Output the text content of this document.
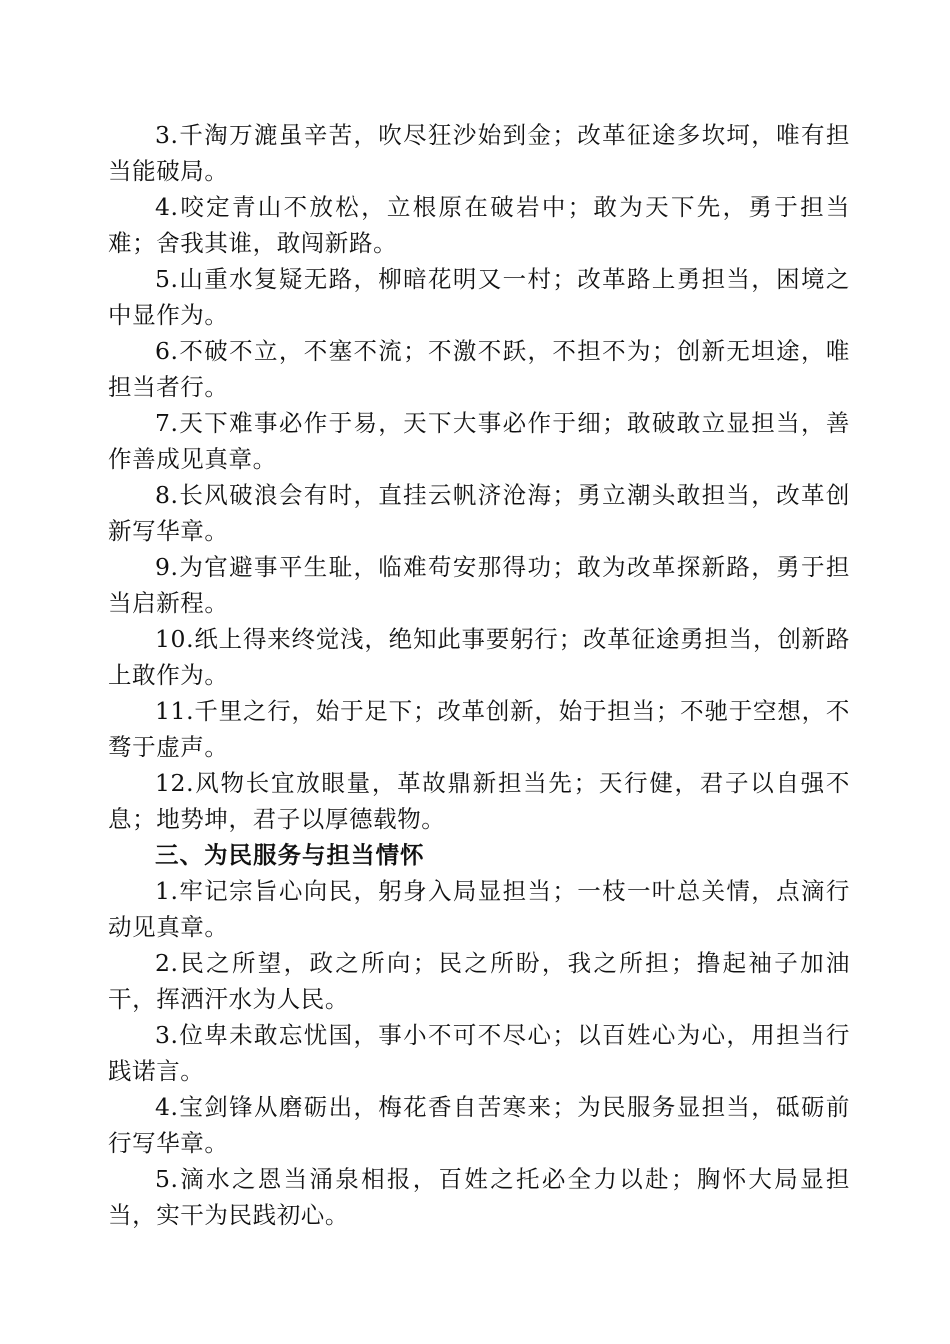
3.千淘万漉虽辛苦，吹尽狂沙始到金；改革征途多坎坷，唯有担当能破局。

4.咬定青山不放松，立根原在破岩中；敢为天下先，勇于担当难；舍我其谁，敢闯新路。

5.山重水复疑无路，柳暗花明又一村；改革路上勇担当，困境之中显作为。

6.不破不立，不塞不流；不激不跃，不担不为；创新无坦途，唯担当者行。

7.天下难事必作于易，天下大事必作于细；敢破敢立显担当，善作善成见真章。

8.长风破浪会有时，直挂云帆济沧海；勇立潮头敢担当，改革创新写华章。

9.为官避事平生耻，临难苟安那得功；敢为改革探新路，勇于担当启新程。

10.纸上得来终觉浅，绝知此事要躬行；改革征途勇担当，创新路上敢作为。

11.千里之行，始于足下；改革创新，始于担当；不驰于空想，不骛于虚声。

12.风物长宜放眼量，革故鼎新担当先；天行健，君子以自强不息；地势坤，君子以厚德载物。

三、为民服务与担当情怀

1.牢记宗旨心向民，躬身入局显担当；一枝一叶总关情，点滴行动见真章。

2.民之所望，政之所向；民之所盼，我之所担；撸起袖子加油干，挥洒汗水为人民。

3.位卑未敢忘忧国，事小不可不尽心；以百姓心为心，用担当行践诺言。

4.宝剑锋从磨砺出，梅花香自苦寒来；为民服务显担当，砥砺前行写华章。

5.滴水之恩当涌泉相报，百姓之托必全力以赴；胸怀大局显担当，实干为民践初心。
